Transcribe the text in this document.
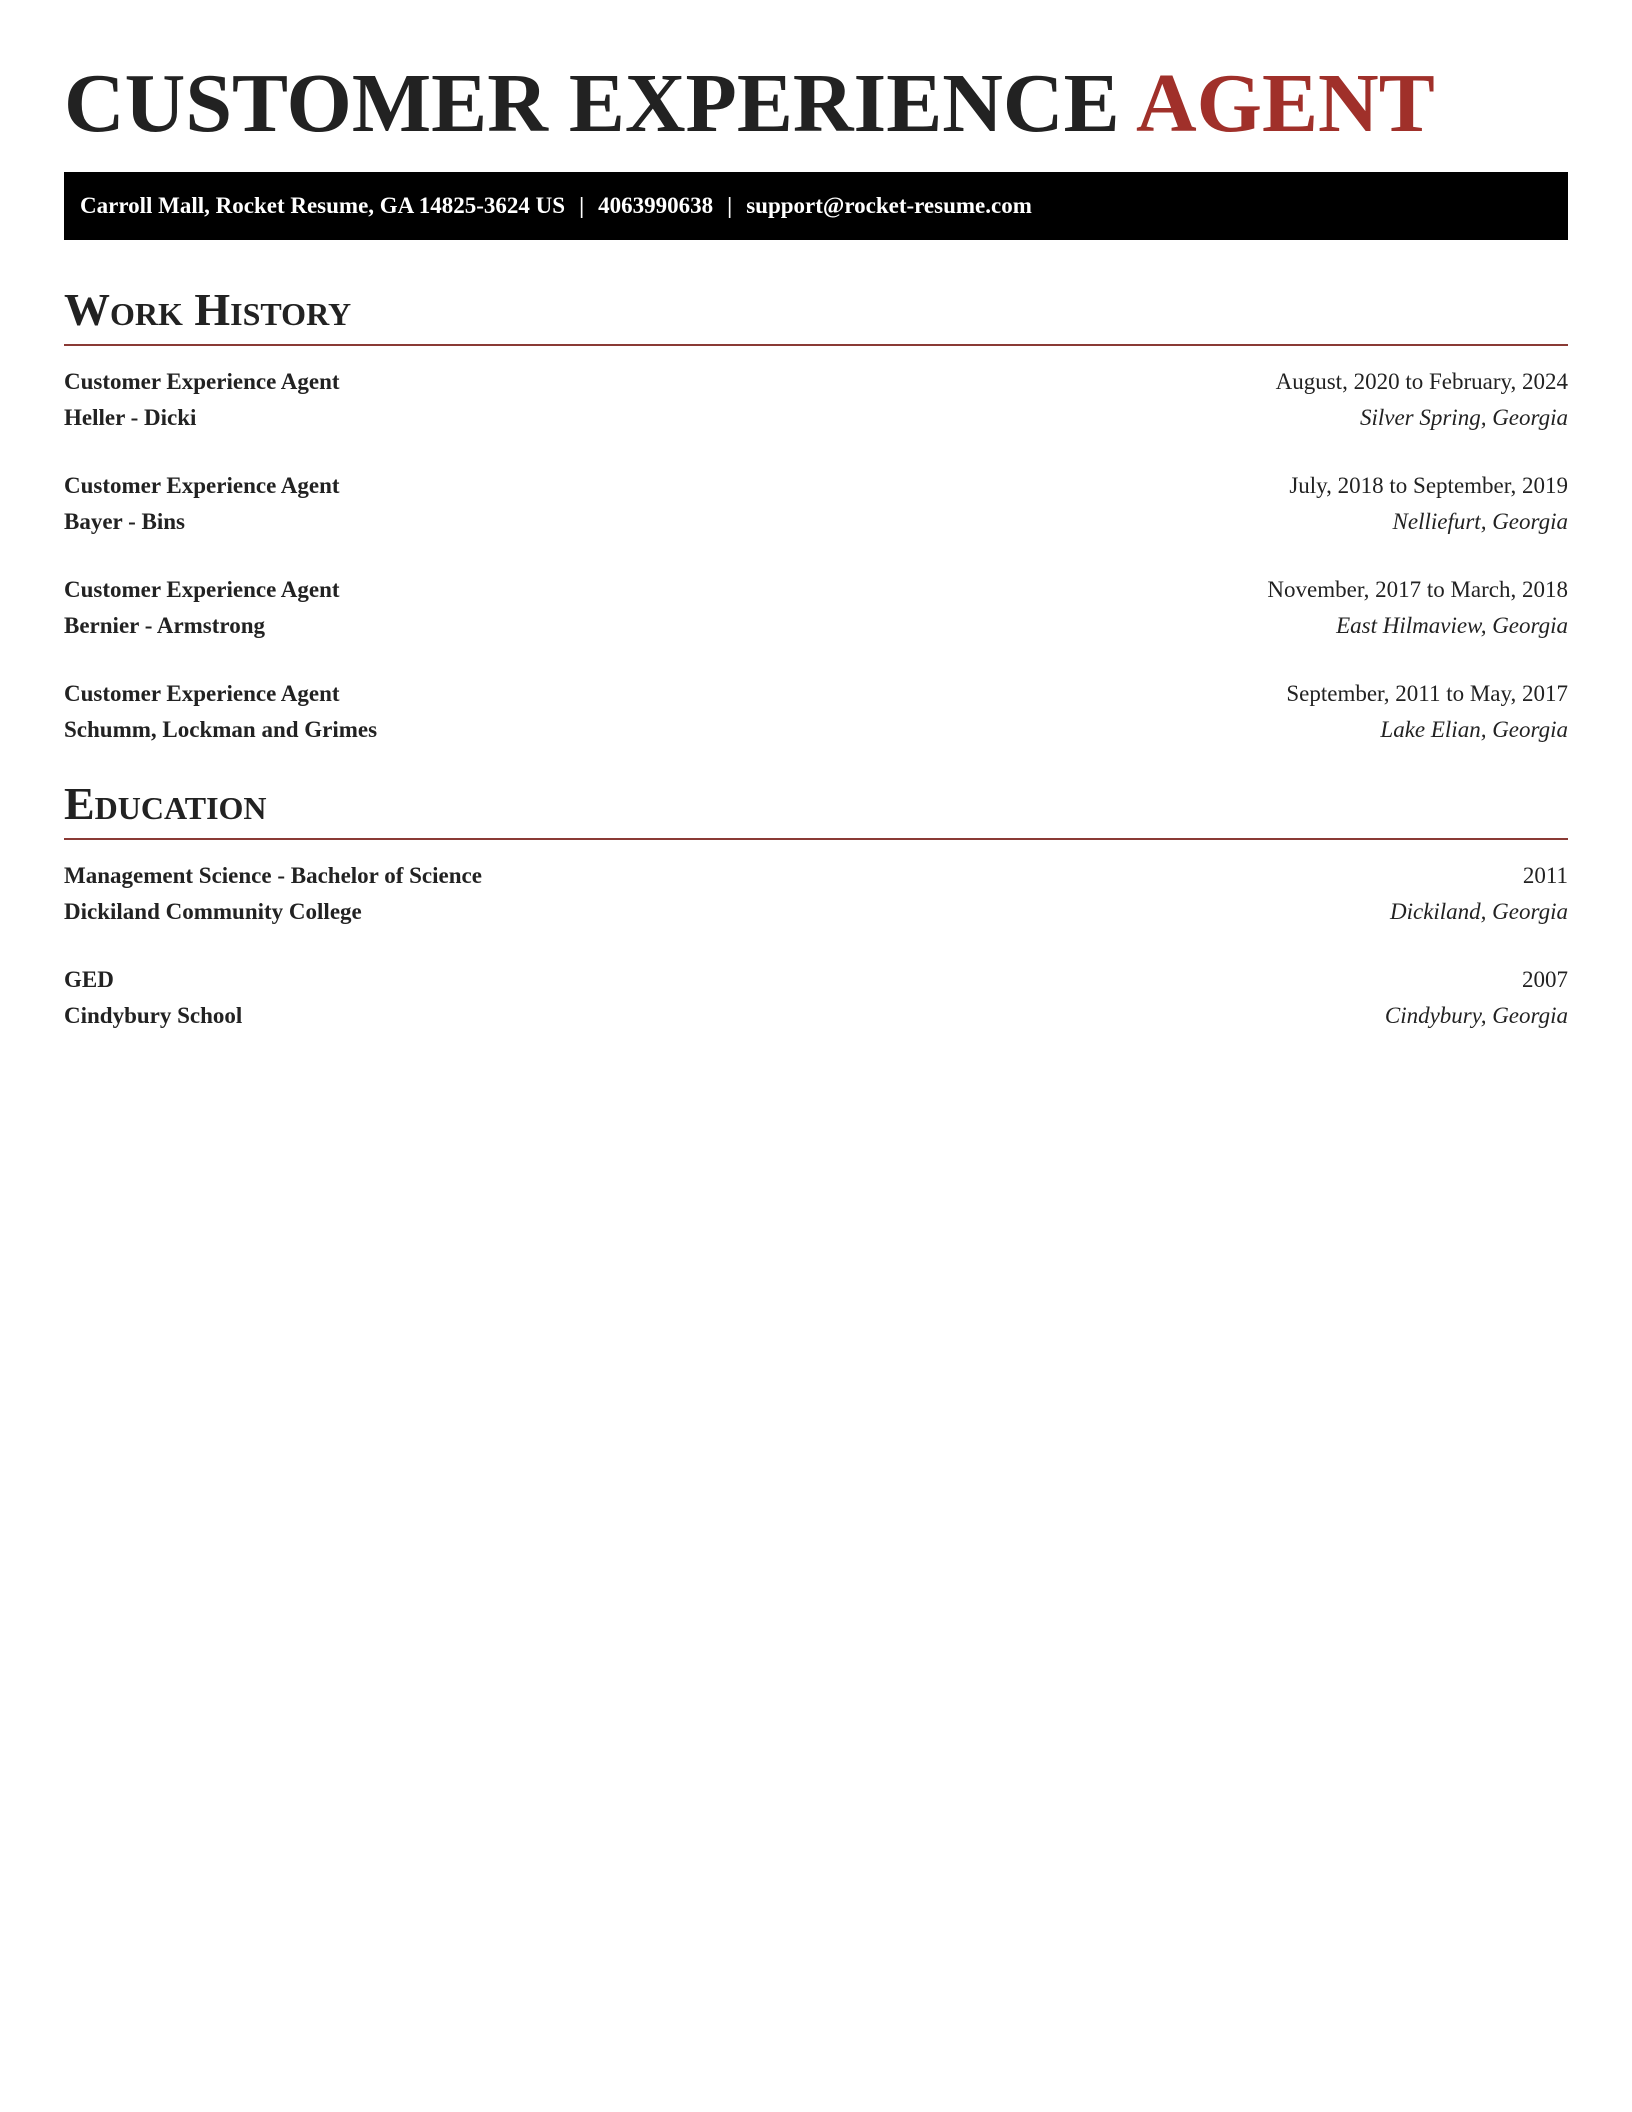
CUSTOMER EXPERIENCE AGENT
Carroll Mall, Rocket Resume, GA 14825-3624 US | 4063990638 | support@rocket-resume.com
Work History
Customer Experience Agent	August, 2020 to February, 2024
Heller - Dicki	Silver Spring, Georgia
Customer Experience Agent	July, 2018 to September, 2019
Bayer - Bins	Nelliefurt, Georgia
Customer Experience Agent	November, 2017 to March, 2018
Bernier - Armstrong	East Hilmaview, Georgia
Customer Experience Agent	September, 2011 to May, 2017
Schumm, Lockman and Grimes	Lake Elian, Georgia
Education
Management Science - Bachelor of Science	2011
Dickiland Community College	Dickiland, Georgia
GED	2007
Cindybury School	Cindybury, Georgia
